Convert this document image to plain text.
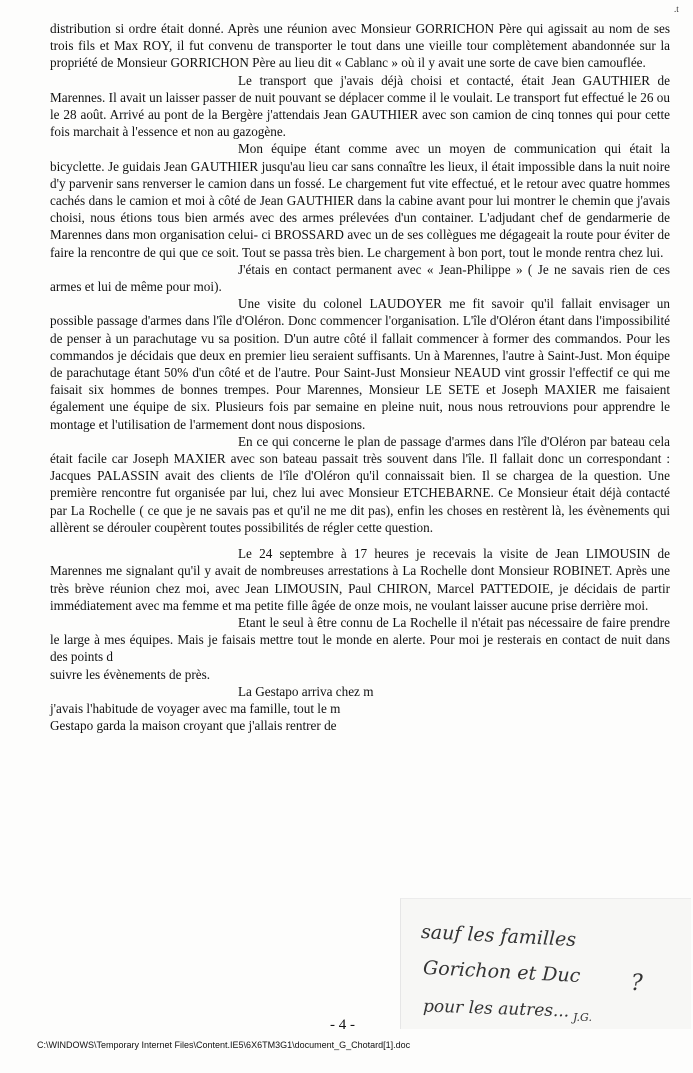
.t

distribution si ordre était donné. Après une réunion avec Monsieur GORRICHON Père qui agissait au nom de ses trois fils et Max ROY, il fut convenu de transporter le tout dans une vieille tour complètement abandonnée sur la propriété de Monsieur GORRICHON Père au lieu dit « Cablanc » où il y avait une sorte de cave bien camouflée.

Le transport que j'avais déjà choisi et contacté, était Jean GAUTHIER de Marennes. Il avait un laisser passer de nuit pouvant se déplacer comme il le voulait. Le transport fut effectué le 26 ou le 28 août. Arrivé au pont de la Bergère j'attendais Jean GAUTHIER avec son camion de cinq tonnes qui pour cette fois marchait à l'essence et non au gazogène.

Mon équipe étant comme avec un moyen de communication qui était la bicyclette. Je guidais Jean GAUTHIER jusqu'au lieu car sans connaître les lieux, il était impossible dans la nuit noire d'y parvenir sans renverser le camion dans un fossé. Le chargement fut vite effectué, et le retour avec quatre hommes cachés dans le camion et moi à côté de Jean GAUTHIER dans la cabine avant pour lui montrer le chemin que j'avais choisi, nous étions tous bien armés avec des armes prélevées d'un container. L'adjudant chef de gendarmerie de Marennes dans mon organisation celui- ci BROSSARD avec un de ses collègues me dégageait la route pour éviter de faire la rencontre de qui que ce soit. Tout se passa très bien. Le chargement à bon port, tout le monde rentra chez lui.

J'étais en contact permanent avec « Jean-Philippe » ( Je ne savais rien de ces armes et lui de même pour moi).

Une visite du colonel LAUDOYER me fit savoir qu'il fallait envisager un possible passage d'armes dans l'île d'Oléron. Donc commencer l'organisation. L'île d'Oléron étant dans l'impossibilité de penser à un parachutage vu sa position. D'un autre côté il fallait commencer à former des commandos. Pour les commandos je décidais que deux en premier lieu seraient suffisants. Un à Marennes, l'autre à Saint-Just. Mon équipe de parachutage étant 50% d'un côté et de l'autre. Pour Saint-Just Monsieur NEAUD vint grossir l'effectif ce qui me faisait six hommes de bonnes trempes. Pour Marennes, Monsieur LE SETE et Joseph MAXIER me faisaient également une équipe de six. Plusieurs fois par semaine en pleine nuit, nous nous retrouvions pour apprendre le montage et l'utilisation de l'armement dont nous disposions.

En ce qui concerne le plan de passage d'armes dans l'île d'Oléron par bateau cela était facile car Joseph MAXIER avec son bateau passait très souvent dans l'île. Il fallait donc un correspondant : Jacques PALASSIN avait des clients de l'île d'Oléron qu'il connaissait bien. Il se chargea de la question. Une première rencontre fut organisée par lui, chez lui avec Monsieur ETCHEBARNE. Ce Monsieur était déjà contacté par La Rochelle ( ce que je ne savais pas et qu'il ne me dit pas), enfin les choses en restèrent là, les évènements qui allèrent se dérouler coupèrent toutes possibilités de régler cette question.

Le 24 septembre à 17 heures je recevais la visite de Jean LIMOUSIN de Marennes me signalant qu'il y avait de nombreuses arrestations à La Rochelle dont Monsieur ROBINET. Après une très brève réunion chez moi, avec Jean LIMOUSIN, Paul CHIRON, Marcel PATTEDOIE, je décidais de partir immédiatement avec ma femme et ma petite fille âgée de onze mois, ne voulant laisser aucune prise derrière moi.

Etant le seul à être connu de La Rochelle il n'était pas nécessaire de faire prendre le large à mes équipes. Mais je faisais mettre tout le monde en alerte. Pour moi je resterais en contact de nuit dans des points d

suivre les évènements de près.

La Gestapo arriva chez m

j'avais l'habitude de voyager avec ma famille, tout le m

Gestapo garda la maison croyant que j'allais rentrer de

sauf les familles
Gorichon et Duc
pour les autres...
?
J.G.
- 4 -
C:\WINDOWS\Temporary Internet Files\Content.IE5\6X6TM3G1\document_G_Chotard[1].doc
